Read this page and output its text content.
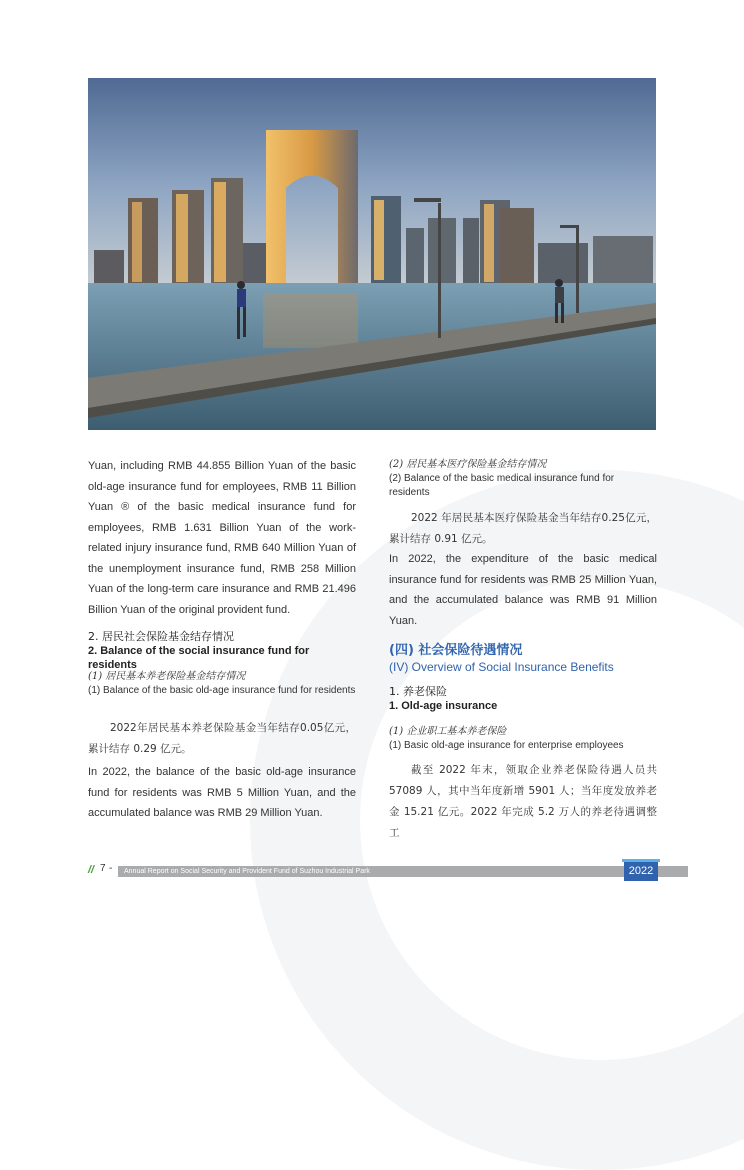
Yuan, including RMB 44.855 Billion Yuan of the basic old-age insurance fund for employees, RMB 11 Billion Yuan ® of the basic medical insurance fund for employees, RMB 1.631 Billion Yuan of the work-related injury insurance fund, RMB 640 Million Yuan of the unemployment insurance fund, RMB 258 Million Yuan of the long-term care insurance and RMB 21.496 Billion Yuan of the original provident fund.

2. 居民社会保险基金结存情况
2. Balance of the social insurance fund for residents
(1) 居民基本养老保险基金结存情况
(1) Balance of the basic old-age insurance fund for residents

2022年居民基本养老保险基金当年结存0.05亿元，累计结存 0.29 亿元。

In 2022, the balance of the basic old-age insurance fund for residents was RMB 5 Million Yuan, and the accumulated balance was RMB 29 Million Yuan.

(2) 居民基本医疗保险基金结存情况
(2) Balance of the basic medical insurance fund for residents

2022 年居民基本医疗保险基金当年结存0.25亿元，累计结存 0.91 亿元。

In 2022, the expenditure of the basic medical insurance fund for residents was RMB 25 Million Yuan, and the accumulated balance was RMB 91 Million Yuan.

(四) 社会保险待遇情况
(IV) Overview of Social Insurance Benefits
1. 养老保险
1. Old-age insurance
(1) 企业职工基本养老保险
(1) Basic old-age insurance for enterprise employees

截至 2022 年末，领取企业养老保险待遇人员共 57089 人，其中当年度新增 5901 人；当年度发放养老金 15.21 亿元。2022 年完成 5.2 万人的养老待遇调整工

Annual Report on Social Security and Provident Fund of Suzhou Industrial Park
// 7 -	2022
